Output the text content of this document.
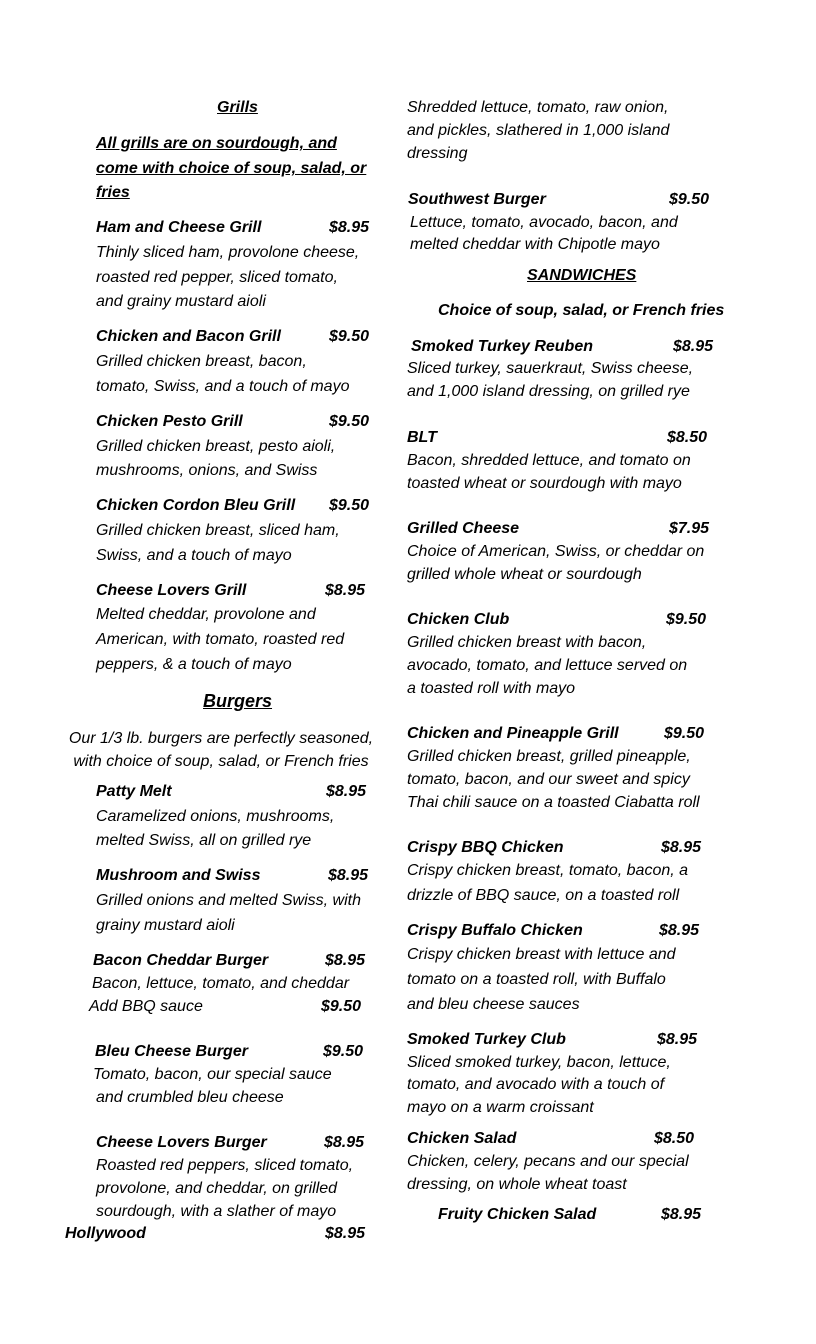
Grills
All grills are on sourdough, and
come with choice of soup, salad, or
fries
Ham and Cheese Grill	$8.95
Thinly sliced ham, provolone cheese,
roasted red pepper, sliced tomato,
and grainy mustard aioli
Chicken and Bacon Grill	$9.50
Grilled chicken breast, bacon,
tomato, Swiss, and a touch of mayo
Chicken Pesto Grill	$9.50
Grilled chicken breast, pesto aioli,
mushrooms, onions, and Swiss
Chicken Cordon Bleu Grill $9.50
Grilled chicken breast, sliced ham,
Swiss, and a touch of mayo
Cheese Lovers Grill	$8.95
Melted cheddar, provolone and
American, with tomato, roasted red
peppers, & a touch of mayo
Burgers
Our 1/3 lb. burgers are perfectly seasoned,
with choice of soup, salad, or French fries
Patty Melt	$8.95
Caramelized onions, mushrooms,
melted Swiss, all on grilled rye
Mushroom and Swiss	$8.95
Grilled onions and melted Swiss, with
grainy mustard aioli
Bacon Cheddar Burger	$8.95
Bacon, lettuce, tomato, and cheddar
Add BBQ sauce	$9.50
Bleu Cheese Burger	$9.50
Tomato, bacon, our special sauce
and crumbled bleu cheese
Cheese Lovers Burger	$8.95
Roasted red peppers, sliced tomato,
provolone, and cheddar, on grilled
sourdough, with a slather of mayo
Hollywood	$8.95
Shredded lettuce, tomato, raw onion,
and pickles, slathered in 1,000 island
dressing
Southwest Burger	$9.50
Lettuce, tomato, avocado, bacon, and
melted cheddar with Chipotle mayo
SANDWICHES
Choice of soup, salad, or French fries
Smoked Turkey Reuben	$8.95
Sliced turkey, sauerkraut, Swiss cheese,
and 1,000 island dressing, on grilled rye
BLT	$8.50
Bacon, shredded lettuce, and tomato on
toasted wheat or sourdough with mayo
Grilled Cheese	$7.95
Choice of American, Swiss, or cheddar on
grilled whole wheat or sourdough
Chicken Club	$9.50
Grilled chicken breast with bacon,
avocado, tomato, and lettuce served on
a toasted roll with mayo
Chicken and Pineapple Grill	$9.50
Grilled chicken breast, grilled pineapple,
tomato, bacon, and our sweet and spicy
Thai chili sauce on a toasted Ciabatta roll
Crispy BBQ Chicken	$8.95
Crispy chicken breast, tomato, bacon, a
drizzle of BBQ sauce, on a toasted roll
Crispy Buffalo Chicken	$8.95
Crispy chicken breast with lettuce and
tomato on a toasted roll, with Buffalo
and bleu cheese sauces
Smoked Turkey Club	$8.95
Sliced smoked turkey, bacon, lettuce,
tomato, and avocado with a touch of
mayo on a warm croissant
Chicken Salad	$8.50
Chicken, celery, pecans and our special
dressing, on whole wheat toast
Fruity Chicken Salad	$8.95
